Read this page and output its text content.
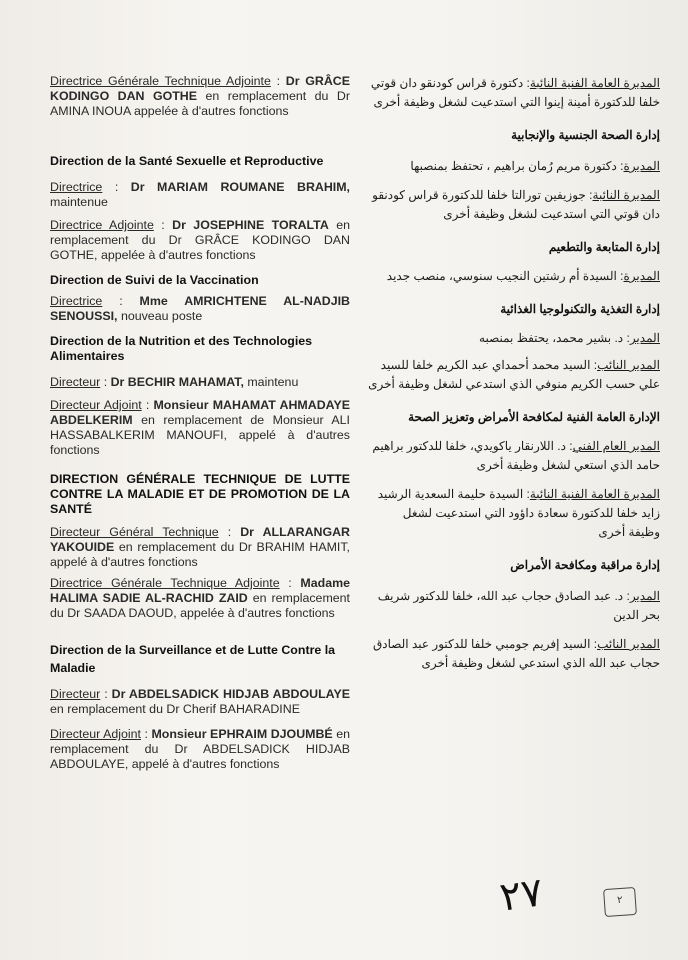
Directrice Générale Technique Adjointe : Dr GRÂCE KODINGO DAN GOTHE en remplacement du Dr AMINA INOUA appelée à d'autres fonctions

Direction de la Santé Sexuelle et Reproductive

Directrice : Dr MARIAM ROUMANE BRAHIM, maintenue

Directrice Adjointe : Dr JOSEPHINE TORALTA en remplacement du Dr GRÂCE KODINGO DAN GOTHE, appelée à d'autres fonctions

Direction de Suivi de la Vaccination

Directrice : Mme AMRICHTENE AL-NADJIB SENOUSSI, nouveau poste

Direction de la Nutrition et des Technologies Alimentaires

Directeur : Dr BECHIR MAHAMAT, maintenu

Directeur Adjoint : Monsieur MAHAMAT AHMADAYE ABDELKERIM en remplacement de Monsieur ALI HASSABALKERIM MANOUFI, appelé à d'autres fonctions

DIRECTION GÉNÉRALE TECHNIQUE DE LUTTE CONTRE LA MALADIE ET DE PROMOTION DE LA SANTÉ

Directeur Général Technique : Dr ALLARANGAR YAKOUIDE en remplacement du Dr BRAHIM HAMIT, appelé à d'autres fonctions

Directrice Générale Technique Adjointe : Madame HALIMA SADIE AL-RACHID ZAID en remplacement du Dr SAADA DAOUD, appelée à d'autres fonctions

Direction de la Surveillance et de Lutte Contre la Maladie

Directeur : Dr ABDELSADICK HIDJAB ABDOULAYE en remplacement du Dr Cherif BAHARADINE

Directeur Adjoint : Monsieur EPHRAIM DJOUMBÉ en remplacement du Dr ABDELSADICK HIDJAB ABDOULAYE, appelé à d'autres fonctions

المديرة العامة الفنية النائبة: دكتورة قراس كودنقو دان قوتي خلفا للدكتورة أمينة إينوا التي استدعيت لشغل وظيفة أخرى

إدارة الصحة الجنسية والإنجابية

المديرة: دكتورة مريم رُمان براهيم ، تحتفظ بمنصبها

المديرة النائبة: جوزيفين تورالتا خلفا للدكتورة قراس كودنقو دان قوتي التي استدعيت لشغل وظيفة أخرى

إدارة المتابعة والتطعيم

المديرة: السيدة أم رشتين النجيب سنوسي، منصب جديد

إدارة التغذية والتكنولوجيا الغذائية

المدير: د. بشير محمد، يحتفظ بمنصبه

المدير النائب: السيد محمد أحمداي عبد الكريم خلفا للسيد علي حسب الكريم منوفي الذي استدعي لشغل وظيفة أخرى

الإدارة العامة الفنية لمكافحة الأمراض وتعزيز الصحة

المدير العام الفني: د. اللارنقار ياكويدي، خلفا للدكتور براهيم حامد الذي استعي لشغل وظيفة أخرى

المديرة العامة الفنية النائبة: السيدة حليمة السعدية الرشيد زايد خلفا للدكتورة سعادة داؤود التي استدعيت لشغل وظيفة أخرى

إدارة مراقبة ومكافحة الأمراض

المدير: د. عبد الصادق حجاب عبد الله، خلفا للدكتور شريف بحر الدين

المدير النائب: السيد إفريم جومبي خلفا للدكتور عبد الصادق حجاب عبد الله الذي استدعي لشغل وظيفة أخرى

٢٧	٢
